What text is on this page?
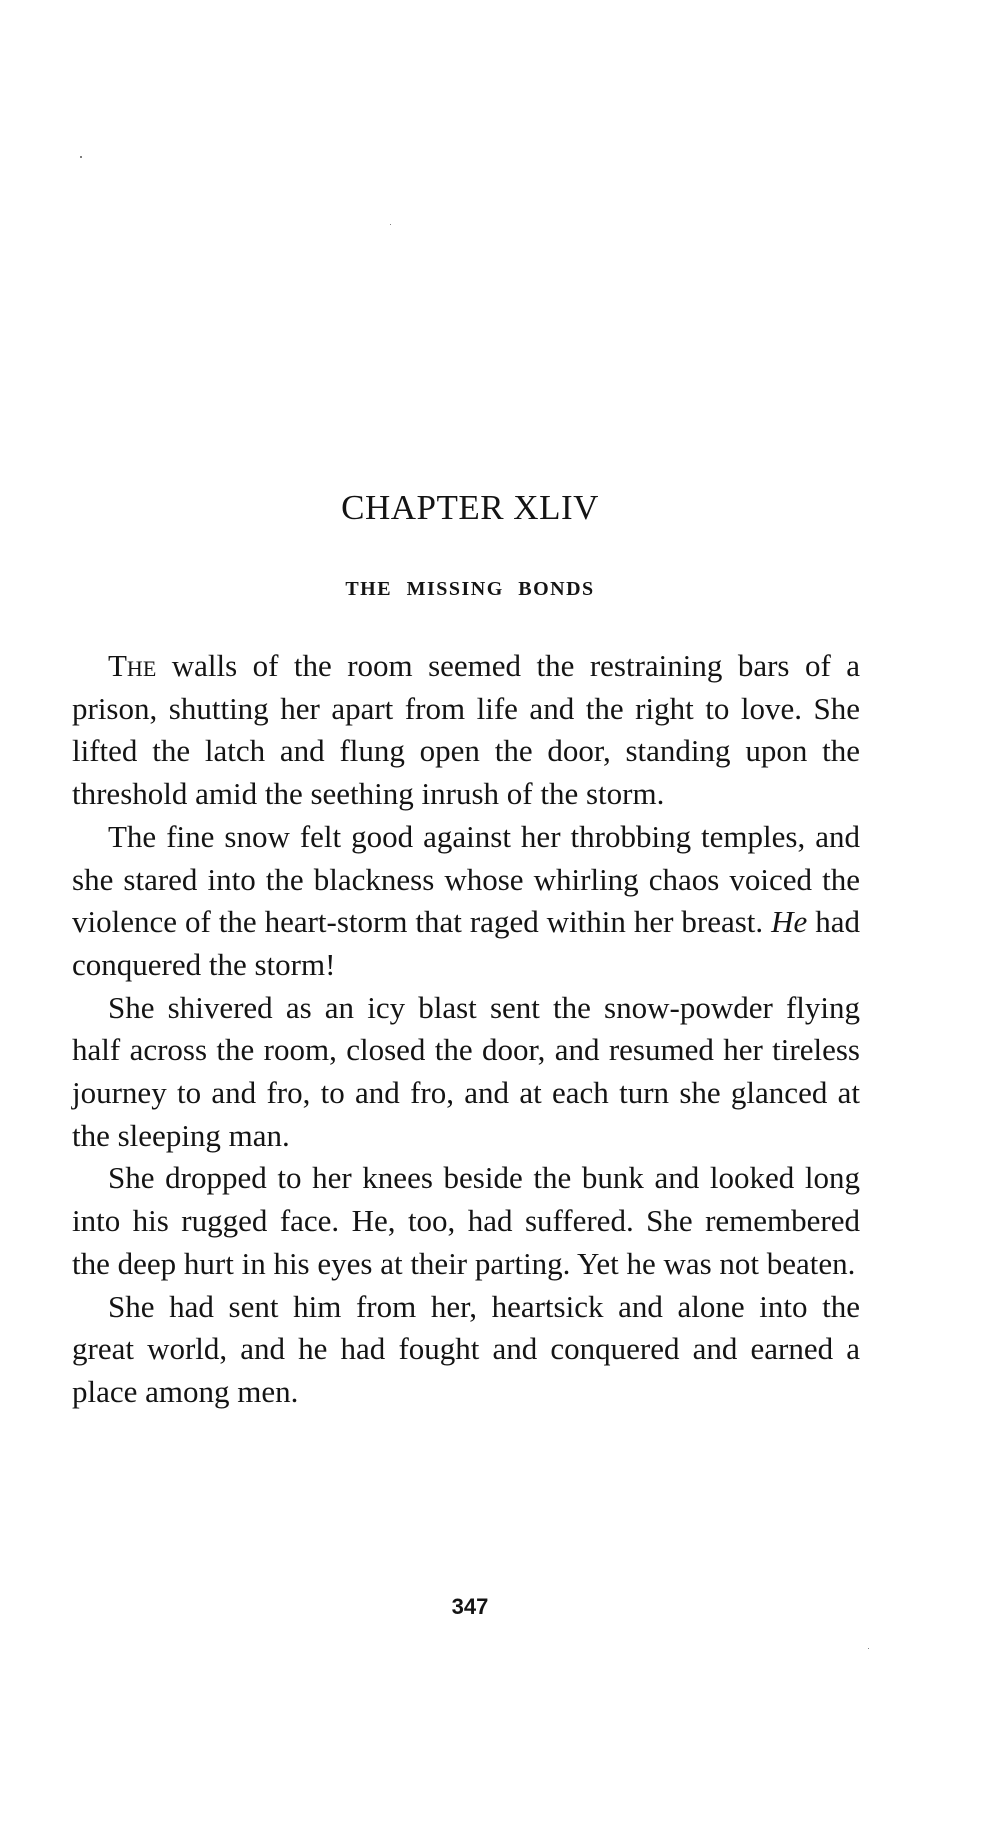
CHAPTER XLIV
THE MISSING BONDS

The walls of the room seemed the restraining bars of a prison, shutting her apart from life and the right to love. She lifted the latch and flung open the door, standing upon the threshold amid the seething inrush of the storm.

The fine snow felt good against her throbbing temples, and she stared into the blackness whose whirling chaos voiced the violence of the heart-storm that raged within her breast. He had conquered the storm!

She shivered as an icy blast sent the snow-powder flying half across the room, closed the door, and resumed her tireless journey to and fro, to and fro, and at each turn she glanced at the sleeping man.

She dropped to her knees beside the bunk and looked long into his rugged face. He, too, had suffered. She remembered the deep hurt in his eyes at their parting. Yet he was not beaten.

She had sent him from her, heartsick and alone into the great world, and he had fought and conquered and earned a place among men.

347
